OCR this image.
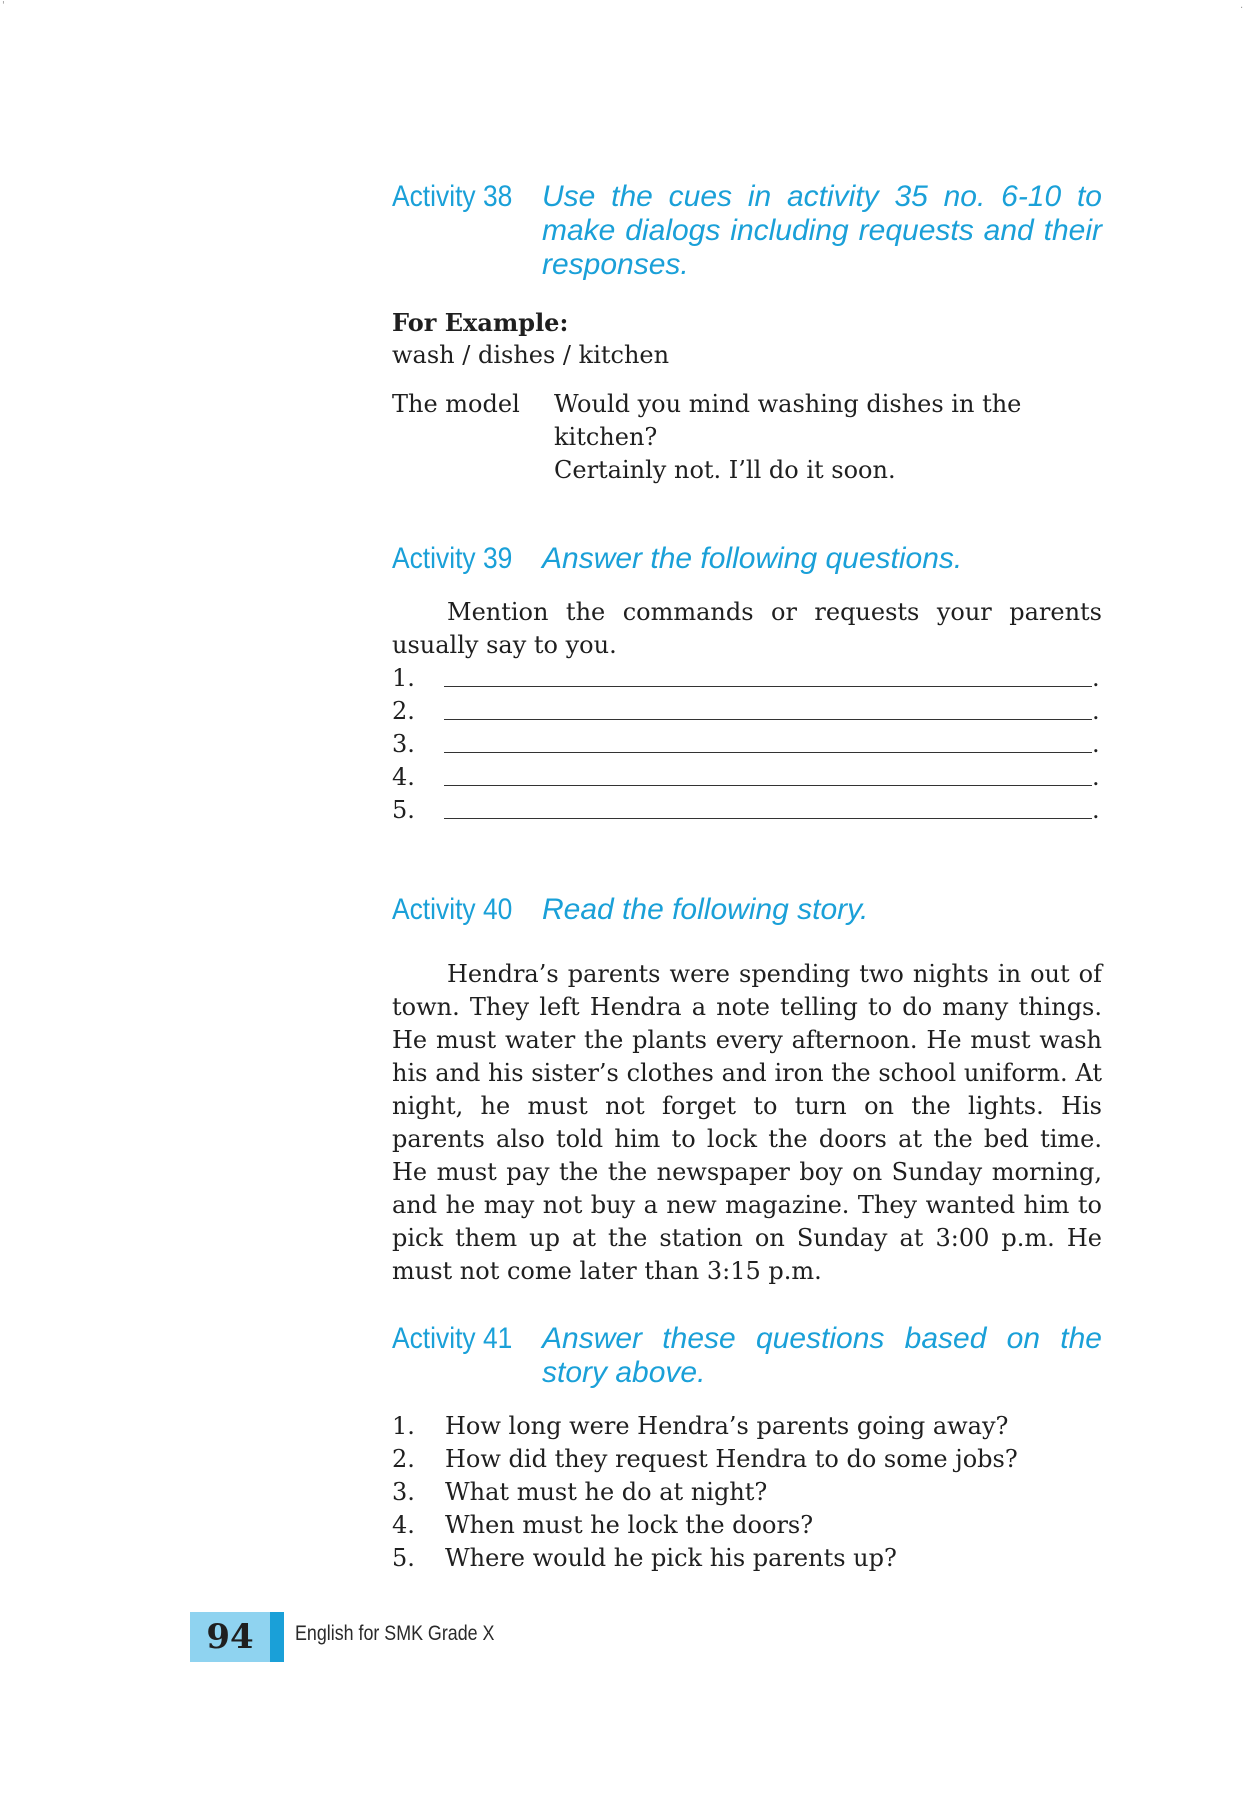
'	.
Activity 38 Use the cues in activity 35 no. 6-10 to make dialogs including requests and their responses.
For Example:
wash / dishes / kitchen
The model	Would you mind washing dishes in the kitchen?
Certainly not. I’ll do it soon.
Activity 39 Answer the following questions.
Mention the commands or requests your parents usually say to you.
1.	.
2.	.
3.	.
4.	.
5.	.
Activity 40 Read the following story.
Hendra’s parents were spending two nights in out of town. They left Hendra a note telling to do many things. He must water the plants every afternoon. He must wash his and his sister’s clothes and iron the school uniform. At night, he must not forget to turn on the lights. His parents also told him to lock the doors at the bed time. He must pay the the newspaper boy on Sunday morning, and he may not buy a new magazine. They wanted him to pick them up at the station on Sunday at 3:00 p.m. He must not come later than 3:15 p.m.
Activity 41 Answer these questions based on the story above.
1.	How long were Hendra’s parents going away?
2.	How did they request Hendra to do some jobs?
3.	What must he do at night?
4.	When must he lock the doors?
5.	Where would he pick his parents up?
94	English for SMK Grade X
